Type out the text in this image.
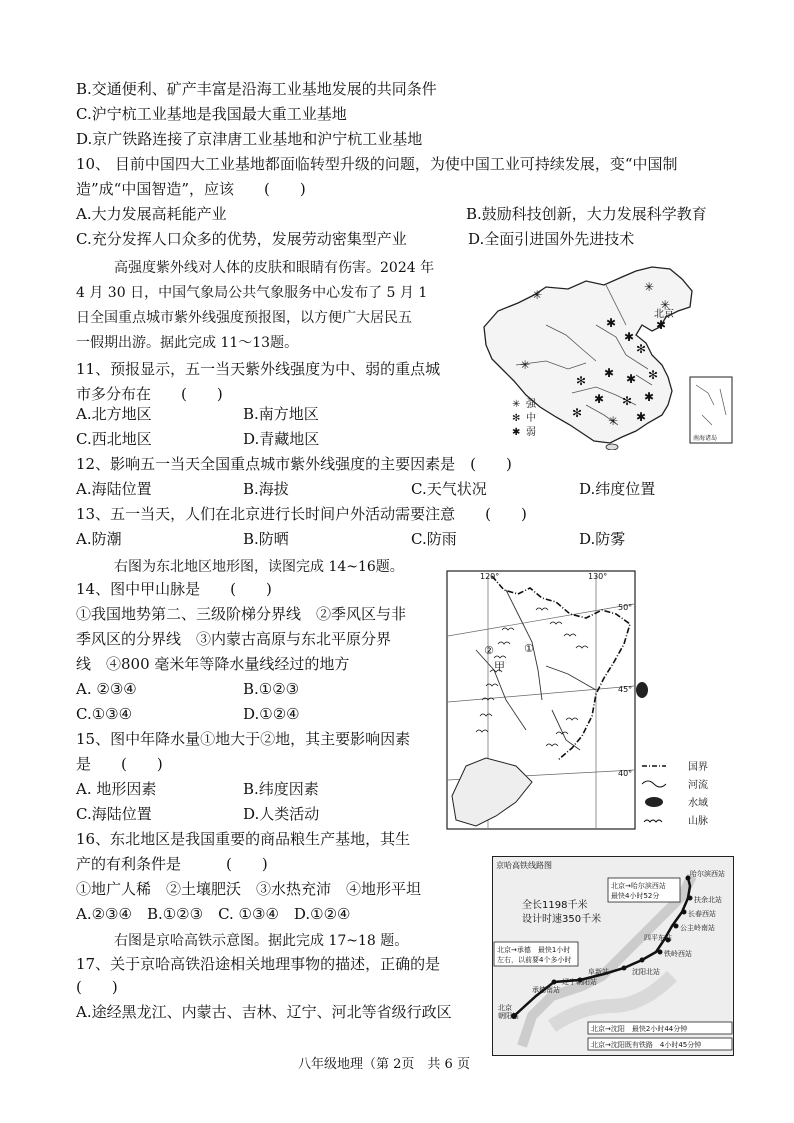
B.交通便利、矿产丰富是沿海工业基地发展的共同条件
C.沪宁杭工业基地是我国最大重工业基地
D.京广铁路连接了京津唐工业基地和沪宁杭工业基地
10、 目前中国四大工业基地都面临转型升级的问题，为使中国工业可持续发展，变“中国制
造”成“中国智造”，应该　　(　　)
A.大力发展高耗能产业	B.鼓励科技创新，大力发展科学教育
C.充分发挥人口众多的优势，发展劳动密集型产业	D.全面引进国外先进技术
高强度紫外线对人体的皮肤和眼睛有伤害。2024 年
4 月 30 日，中国气象局公共气象服务中心发布了 5 月 1
日全国重点城市紫外线强度预报图，以方便广大居民五
一假期出游。据此完成 11～13题。
11、预报显示，五一当天紫外线强度为中、弱的重点城
市多分布在　　(　　)
A.北方地区	B.南方地区
C.西北地区	D.青藏地区
✳
✳
✳
✱
✱
✻
✳
✻
✱ ✱ ✻
✱ ✻ ✱
✳ ✱
✻
✱
北京
✳ 强
✻ 中
✱ 弱
南海诸岛
12、影响五一当天全国重点城市紫外线强度的主要因素是　(　　)
A.海陆位置	B.海拔	C.天气状况	D.纬度位置
13、五一当天，人们在北京进行长时间户外活动需要注意　　(　　)
A.防潮	B.防晒	C.防雨	D.防雾
右图为东北地区地形图，读图完成 14~16题。
14、图中甲山脉是　　(　　)
①我国地势第二、三级阶梯分界线　②季风区与非
季风区的分界线　③内蒙古高原与东北平原分界
线　④800 毫米年等降水量线经过的地方
A. ②③④	B.①②③
C.①③④	D.①②④
15、图中年降水量①地大于②地，其主要影响因素
是　　(　　)
A. 地形因素	B.纬度因素
C.海陆位置	D.人类活动
120°	130°
50°
45°
40°
②	①
甲
国界
河流
水域
山脉
16、东北地区是我国重要的商品粮生产基地，其生
产的有利条件是　　　(　　)
①地广人稀　②土壤肥沃　③水热充沛　④地形平坦
A.②③④　B.①②③　C. ①③④　D.①②④
右图是京哈高铁示意图。据此完成 17~18 题。
17、关于京哈高铁沿途相关地理事物的描述，正确的是
(　　)
A.途经黑龙江、内蒙古、吉林、辽宁、河北等省级行政区
京哈高铁线路图
哈尔滨西站
扶余北站
长春西站
公主岭南站
四平东站
铁岭西站
沈阳北站
阜新站
辽宁朝阳站
承德南站
北京
朝阳站
全长1198千米
设计时速350千米
北京→哈尔滨西站
最快4小时52分
北京→承德　最快1小时
左右，以前要4个多小时
北京→沈阳　最快2小时44分钟
北京→沈阳既有铁路　4小时45分钟
八年级地理（第 2页　共 6 页
